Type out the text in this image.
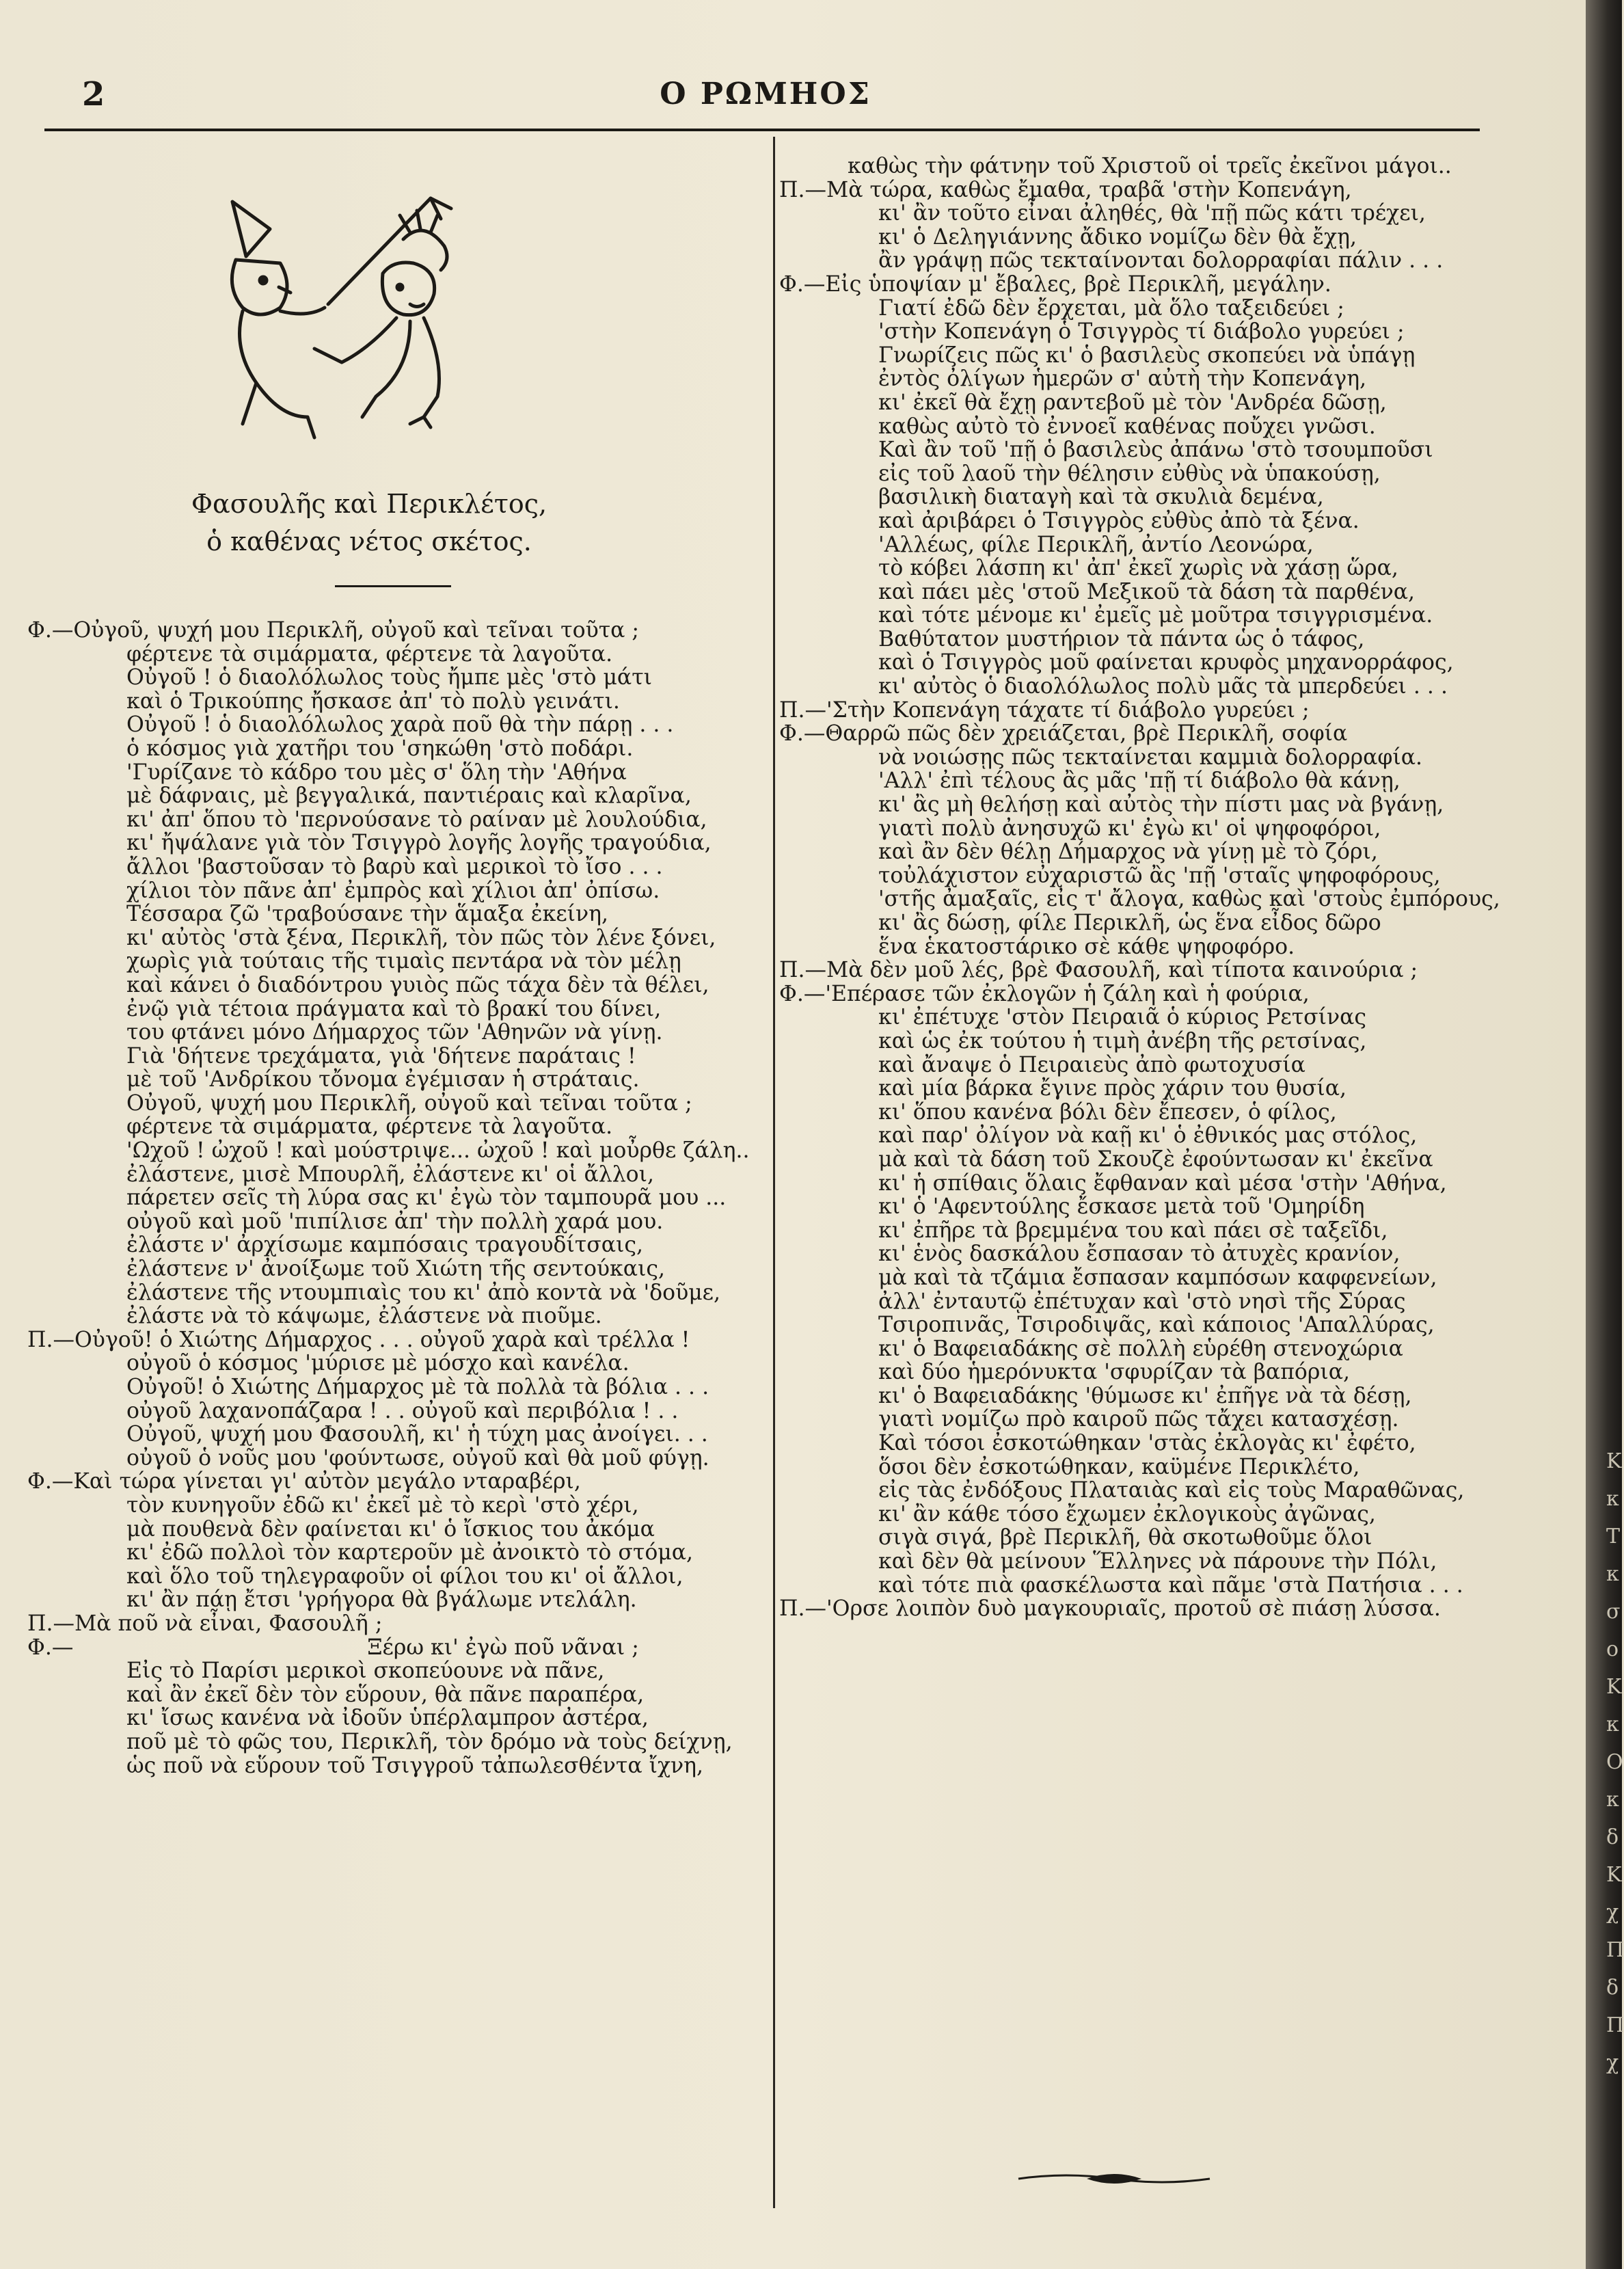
2	Ο ΡΩΜΗΟΣ
Φασουλῆς καὶ Περικλέτος,
ὁ καθένας νέτος σκέτος.
Φ.—Οὐγοῦ, ψυχή μου Περικλῆ, οὐγοῦ καὶ τεῖναι τοῦτα ;
φέρτενε τὰ σιμάρματα, φέρτενε τὰ λαγοῦτα.
Οὐγοῦ ! ὁ διαολόλωλος τοὺς ἤμπε μὲς 'στὸ μάτι
καὶ ὁ Τρικούπης ἤσκασε ἀπ' τὸ πολὺ γεινάτι.
Οὐγοῦ ! ὁ διαολόλωλος χαρὰ ποῦ θὰ τὴν πάρῃ . . .
ὁ κόσμος γιὰ χατῆρι του 'σηκώθη 'στὸ ποδάρι.
'Γυρίζανε τὸ κάδρο του μὲς σ' ὅλη τὴν 'Αθήνα
μὲ δάφναις, μὲ βεγγαλικά, παντιέραις καὶ κλαρῖνα,
κι' ἀπ' ὅπου τὸ 'περνούσανε τὸ ραίναν μὲ λουλούδια,
κι' ἤψάλανε γιὰ τὸν Τσιγγρὸ λογῆς λογῆς τραγούδια,
ἄλλοι 'βαστοῦσαν τὸ βαρὺ καὶ μερικοὶ τὸ ἴσο . . .
χίλιοι τὸν πᾶνε ἀπ' ἐμπρὸς καὶ χίλιοι ἀπ' ὀπίσω.
Τέσσαρα ζῶ 'τραβούσανε τὴν ἅμαξα ἐκείνη,
κι' αὐτὸς 'στὰ ξένα, Περικλῆ, τὸν πῶς τὸν λένε ξόνει,
χωρὶς γιὰ τούταις τῆς τιμαὶς πεντάρα νὰ τὸν μέλῃ
καὶ κάνει ὁ διαδόντρου γυιὸς πῶς τάχα δὲν τὰ θέλει,
ἐνῷ γιὰ τέτοια πράγματα καὶ τὸ βρακί του δίνει,
του φτάνει μόνο Δήμαρχος τῶν 'Αθηνῶν νὰ γίνῃ.
Γιὰ 'δήτενε τρεχάματα, γιὰ 'δήτενε παράταις !
μὲ τοῦ 'Ανδρίκου τὄνομα ἐγέμισαν ἡ στράταις.
Οὐγοῦ, ψυχή μου Περικλῆ, οὐγοῦ καὶ τεῖναι τοῦτα ;
φέρτενε τὰ σιμάρματα, φέρτενε τὰ λαγοῦτα.
'Ωχοῦ ! ὠχοῦ ! καὶ μούστριψε... ὠχοῦ ! καὶ μοὖρθε ζάλη..
ἐλάστενε, μισὲ Μπουρλῆ, ἐλάστενε κι' οἱ ἄλλοι,
πάρετεν σεῖς τὴ λύρα σας κι' ἐγὼ τὸν ταμπουρᾶ μου ...
οὐγοῦ καὶ μοῦ 'πιπίλισε ἀπ' τὴν πολλὴ χαρά μου.
ἐλάστε ν' ἀρχίσωμε καμπόσαις τραγουδίτσαις,
ἐλάστενε ν' ἀνοίξωμε τοῦ Χιώτη τῆς σεντούκαις,
ἐλάστενε τῆς ντουμπιαὶς του κι' ἀπὸ κοντὰ νὰ 'δοῦμε,
ἐλάστε νὰ τὸ κάψωμε, ἐλάστενε νὰ πιοῦμε.
Π.—Οὐγοῦ! ὁ Χιώτης Δήμαρχος . . . οὐγοῦ χαρὰ καὶ τρέλλα !
οὐγοῦ ὁ κόσμος 'μύρισε μὲ μόσχο καὶ κανέλα.
Οὐγοῦ! ὁ Χιώτης Δήμαρχος μὲ τὰ πολλὰ τὰ βόλια . . .
οὐγοῦ λαχανοπάζαρα ! . . οὐγοῦ καὶ περιβόλια ! . .
Οὐγοῦ, ψυχή μου Φασουλῆ, κι' ἡ τύχη μας ἀνοίγει. . .
οὐγοῦ ὁ νοῦς μου 'φούντωσε, οὐγοῦ καὶ θὰ μοῦ φύγῃ.
Φ.—Καὶ τώρα γίνεται γι' αὐτὸν μεγάλο νταραβέρι,
τὸν κυνηγοῦν ἐδῶ κι' ἐκεῖ μὲ τὸ κερὶ 'στὸ χέρι,
μὰ πουθενὰ δὲν φαίνεται κι' ὁ ἴσκιος του ἀκόμα
κι' ἐδῶ πολλοὶ τὸν καρτεροῦν μὲ ἀνοικτὸ τὸ στόμα,
καὶ ὅλο τοῦ τηλεγραφοῦν οἱ φίλοι του κι' οἱ ἄλλοι,
κι' ἂν πάῃ ἔτσι 'γρήγορα θὰ βγάλωμε ντελάλη.
Π.—Μὰ ποῦ νὰ εἶναι, Φασουλῆ ;
Φ.—	Ξέρω κι' ἐγὼ ποῦ νᾶναι ;
Εἰς τὸ Παρίσι μερικοὶ σκοπεύουνε νὰ πᾶνε,
καὶ ἂν ἐκεῖ δὲν τὸν εὕρουν, θὰ πᾶνε παραπέρα,
κι' ἴσως κανένα νὰ ἰδοῦν ὑπέρλαμπρον ἀστέρα,
ποῦ μὲ τὸ φῶς του, Περικλῆ, τὸν δρόμο νὰ τοὺς δείχνῃ,
ὡς ποῦ νὰ εὕρουν τοῦ Τσιγγροῦ τἀπωλεσθέντα ἴχνη,
καθὼς τὴν φάτνην τοῦ Χριστοῦ οἱ τρεῖς ἐκεῖνοι μάγοι..
Π.—Μὰ τώρα, καθὼς ἔμαθα, τραβᾶ 'στὴν Κοπενάγη,
κι' ἂν τοῦτο εἶναι ἀληθές, θὰ 'πῇ πῶς κάτι τρέχει,
κι' ὁ Δεληγιάννης ἄδικο νομίζω δὲν θὰ ἔχῃ,
ἂν γράψῃ πῶς τεκταίνονται δολορραφίαι πάλιν . . .
Φ.—Εἰς ὑποψίαν μ' ἔβαλες, βρὲ Περικλῆ, μεγάλην.
Γιατί ἐδῶ δὲν ἔρχεται, μὰ ὅλο ταξειδεύει ;
'στὴν Κοπενάγη ὁ Τσιγγρὸς τί διάβολο γυρεύει ;
Γνωρίζεις πῶς κι' ὁ βασιλεὺς σκοπεύει νὰ ὑπάγῃ
ἐντὸς ὀλίγων ἡμερῶν σ' αὐτὴ τὴν Κοπενάγη,
κι' ἐκεῖ θὰ ἔχῃ ραντεβοῦ μὲ τὸν 'Ανδρέα δῶσῃ,
καθὼς αὐτὸ τὸ ἐννοεῖ καθένας ποὔχει γνῶσι.
Καὶ ἂν τοῦ 'πῇ ὁ βασιλεὺς ἀπάνω 'στὸ τσουμποῦσι
εἰς τοῦ λαοῦ τὴν θέλησιν εὐθὺς νὰ ὑπακούσῃ,
βασιλικὴ διαταγὴ καὶ τὰ σκυλιὰ δεμένα,
καὶ ἀριβάρει ὁ Τσιγγρὸς εὐθὺς ἀπὸ τὰ ξένα.
'Αλλέως, φίλε Περικλῆ, ἀντίο Λεονώρα,
τὸ κόβει λάσπη κι' ἀπ' ἐκεῖ χωρὶς νὰ χάσῃ ὥρα,
καὶ πάει μὲς 'στοῦ Μεξικοῦ τὰ δάση τὰ παρθένα,
καὶ τότε μένομε κι' ἐμεῖς μὲ μοῦτρα τσιγγρισμένα.
Βαθύτατον μυστήριον τὰ πάντα ὡς ὁ τάφος,
καὶ ὁ Τσιγγρὸς μοῦ φαίνεται κρυφὸς μηχανορράφος,
κι' αὐτὸς ὁ διαολόλωλος πολὺ μᾶς τὰ μπερδεύει . . .
Π.—'Στὴν Κοπενάγη τάχατε τί διάβολο γυρεύει ;
Φ.—Θαρρῶ πῶς δὲν χρειάζεται, βρὲ Περικλῆ, σοφία
νὰ νοιώσῃς πῶς τεκταίνεται καμμιὰ δολορραφία.
'Αλλ' ἐπὶ τέλους ἂς μᾶς 'πῇ τί διάβολο θὰ κάνῃ,
κι' ἂς μὴ θελήσῃ καὶ αὐτὸς τὴν πίστι μας νὰ βγάνῃ,
γιατὶ πολὺ ἀνησυχῶ κι' ἐγὼ κι' οἱ ψηφοφόροι,
καὶ ἂν δὲν θέλῃ Δήμαρχος νὰ γίνῃ μὲ τὸ ζόρι,
τοὐλάχιστον εὐχαριστῶ ἂς 'πῇ 'σταῖς ψηφοφόρους,
'στῆς ἀμαξαῖς, εἰς τ' ἄλογα, καθὼς καὶ 'στοὺς ἐμπόρους,
κι' ἂς δώσῃ, φίλε Περικλῆ, ὡς ἕνα εἶδος δῶρο
ἕνα ἑκατοστάρικο σὲ κάθε ψηφοφόρο.
Π.—Μὰ δὲν μοῦ λές, βρὲ Φασουλῆ, καὶ τίποτα καινούρια ;
Φ.—'Επέρασε τῶν ἐκλογῶν ἡ ζάλη καὶ ἡ φούρια,
κι' ἐπέτυχε 'στὸν Πειραιᾶ ὁ κύριος Ρετσίνας
καὶ ὡς ἐκ τούτου ἡ τιμὴ ἀνέβη τῆς ρετσίνας,
καὶ ἄναψε ὁ Πειραιεὺς ἀπὸ φωτοχυσία
καὶ μία βάρκα ἔγινε πρὸς χάριν του θυσία,
κι' ὅπου κανένα βόλι δὲν ἔπεσεν, ὁ φίλος,
καὶ παρ' ὀλίγον νὰ καῇ κι' ὁ ἐθνικός μας στόλος,
μὰ καὶ τὰ δάση τοῦ Σκουζὲ ἐφούντωσαν κι' ἐκεῖνα
κι' ἡ σπίθαις ὅλαις ἔφθαναν καὶ μέσα 'στὴν 'Αθήνα,
κι' ὁ 'Αφεντούλης ἔσκασε μετὰ τοῦ 'Ομηρίδη
κι' ἐπῆρε τὰ βρεμμένα του καὶ πάει σὲ ταξεῖδι,
κι' ἑνὸς δασκάλου ἔσπασαν τὸ ἀτυχὲς κρανίον,
μὰ καὶ τὰ τζάμια ἔσπασαν καμπόσων καφφενείων,
ἀλλ' ἐνταυτῷ ἐπέτυχαν καὶ 'στὸ νησὶ τῆς Σύρας
Τσιροπινᾶς, Τσιροδιψᾶς, καὶ κάποιος 'Απαλλύρας,
κι' ὁ Βαφειαδάκης σὲ πολλὴ εὑρέθη στενοχώρια
καὶ δύο ἡμερόνυκτα 'σφυρίζαν τὰ βαπόρια,
κι' ὁ Βαφειαδάκης 'θύμωσε κι' ἐπῆγε νὰ τὰ δέσῃ,
γιατὶ νομίζω πρὸ καιροῦ πῶς τἄχει κατασχέσῃ.
Καὶ τόσοι ἐσκοτώθηκαν 'στὰς ἐκλογὰς κι' ἐφέτο,
ὅσοι δὲν ἐσκοτώθηκαν, καϋμένε Περικλέτο,
εἰς τὰς ἐνδόξους Πλαταιὰς καὶ εἰς τοὺς Μαραθῶνας,
κι' ἂν κάθε τόσο ἔχωμεν ἐκλογικοὺς ἀγῶνας,
σιγὰ σιγά, βρὲ Περικλῆ, θὰ σκοτωθοῦμε ὅλοι
καὶ δὲν θὰ μείνουν Ἕλληνες νὰ πάρουνε τὴν Πόλι,
καὶ τότε πιὰ φασκέλωστα καὶ πᾶμε 'στὰ Πατήσια . . .
Π.—'Ορσε λοιπὸν δυὸ μαγκουριαῖς, προτοῦ σὲ πιάσῃ λύσσα.
Κ
κ
Τ
κ
σ
ο
Κ
κ
Ο
κ
δ
Κ
χ
Π
δ
Π
χ
